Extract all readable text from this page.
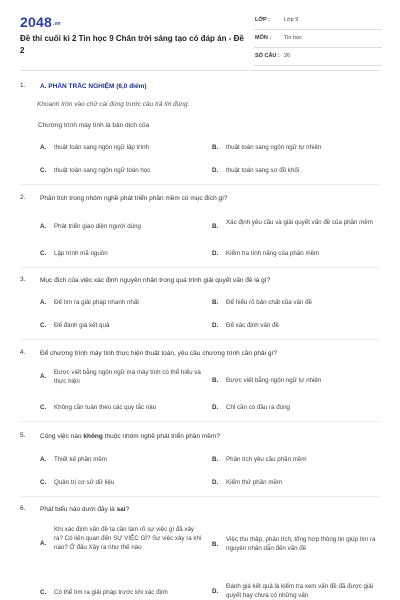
2048.vn
Đề thi cuối kì 2 Tin học 9 Chân trời sáng tạo có đáp án - Đề 2
LỚP :	Lớp 9
MÔN : Tin học
SỐ CÂU : 26
1. A. PHẦN TRẮC NGHIỆM (6,0 điểm)
Khoanh tròn vào chữ cái đúng trước câu trả lời đúng:
Chương trình máy tính là bản dịch của
A. thuật toán sang ngôn ngữ lập trình	B. thuật toán sang ngôn ngữ tự nhiên
C. thuật toán sang ngôn ngữ toán học	D. thuật toán sang sơ đồ khối
2. Phân tích trong nhóm nghề phát triển phần mềm có mục đích gì?
A. Phát triển giao diện người dùng	B.
Xác định yêu cầu và giải quyết vấn đề của phần mềm
C. Lập trình mã nguồn	D. Kiểm tra tính năng của phần mềm
3. Mục đích của việc xác định nguyên nhân trong quá trình giải quyết vấn đề là gì?
A. Để tìm ra giải pháp nhanh nhất	B. Để hiểu rõ bản chất của vấn đề
C. Để đánh giá kết quả	D. Để xác định vấn đề
4. Để chương trình máy tính thực hiện thuật toán, yêu cầu chương trình cần phải gì?
A.
Được viết bằng ngôn ngữ mà máy tính có thể hiểu và thực hiện	B. Được viết bằng ngôn ngữ tự nhiên
C. Không cần tuân theo các quy tắc nào	D. Chỉ cần có đầu ra đúng
5. Công việc nào không thuộc nhóm nghề phát triển phần mềm?
A. Thiết kế phần mềm	B. Phân tích yêu cầu phần mềm
C. Quản trị cơ sở dữ liệu	D. Kiểm thử phần mềm
6. Phát biểu nào dưới đây là sai?
A.
Khi xác định vấn đề ta cần làm rõ sự việc gì đã xảy ra? Có liên quan đến SỰ VIỆC GÌ? Sự việc xảy ra khi nào? Ở đâu Xảy ra như thế nào	B.
Việc thu thập, phân tích, tổng hợp thông tin giúp tìm ra nguyên nhân dẫn đến vấn đề
C. Có thể tìm ra giải pháp trước khi xác định	D.
Đánh giá kết quả là kiểm tra xem vấn đề đã được giải quyết hay chưa có những vấn
